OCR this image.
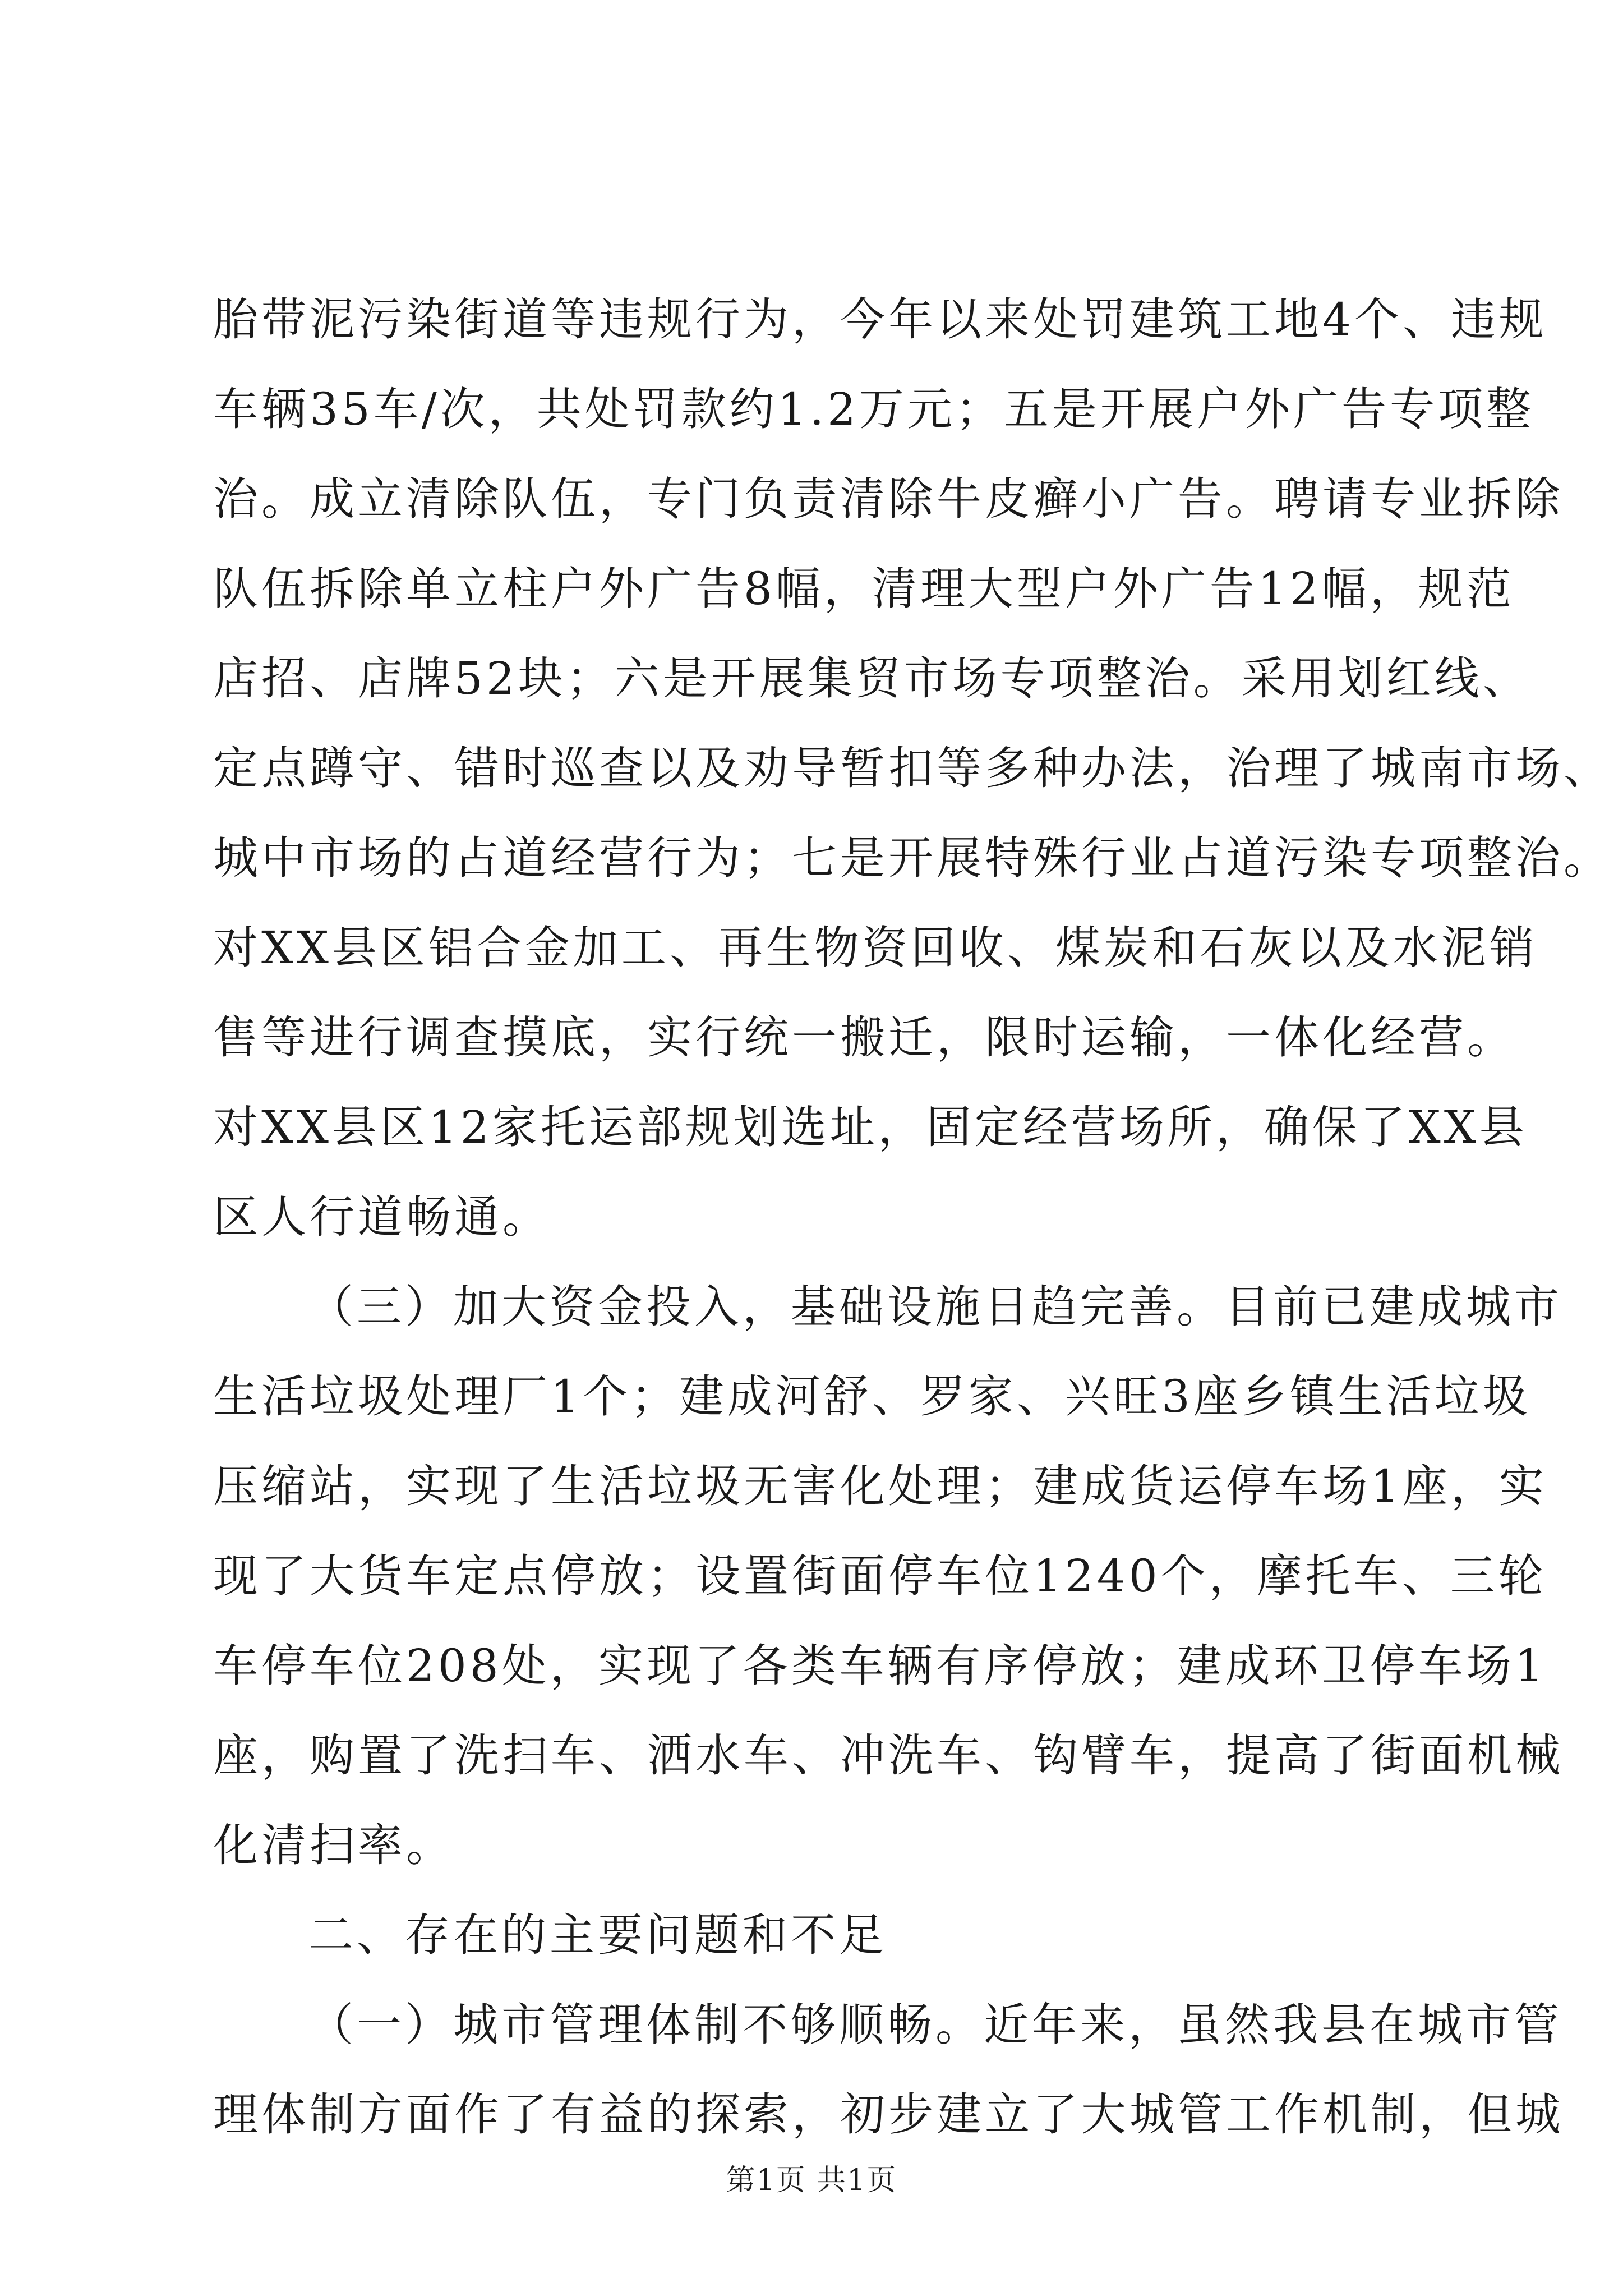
胎带泥污染街道等违规行为，今年以来处罚建筑工地4个、违规
车辆35车/次，共处罚款约1.2万元；五是开展户外广告专项整
治。成立清除队伍，专门负责清除牛皮癣小广告。聘请专业拆除
队伍拆除单立柱户外广告8幅，清理大型户外广告12幅，规范
店招、店牌52块；六是开展集贸市场专项整治。采用划红线、
定点蹲守、错时巡查以及劝导暂扣等多种办法，治理了城南市场、
城中市场的占道经营行为；七是开展特殊行业占道污染专项整治。
对XX县区铝合金加工、再生物资回收、煤炭和石灰以及水泥销
售等进行调查摸底，实行统一搬迁，限时运输，一体化经营。
对XX县区12家托运部规划选址，固定经营场所，确保了XX县
区人行道畅通。
（三）加大资金投入，基础设施日趋完善。目前已建成城市
生活垃圾处理厂1个；建成河舒、罗家、兴旺3座乡镇生活垃圾
压缩站，实现了生活垃圾无害化处理；建成货运停车场1座，实
现了大货车定点停放；设置街面停车位1240个，摩托车、三轮
车停车位208处，实现了各类车辆有序停放；建成环卫停车场1
座，购置了洗扫车、洒水车、冲洗车、钩臂车，提高了街面机械
化清扫率。
二、存在的主要问题和不足
（一）城市管理体制不够顺畅。近年来，虽然我县在城市管
理体制方面作了有益的探索，初步建立了大城管工作机制，但城
第1页 共1页
